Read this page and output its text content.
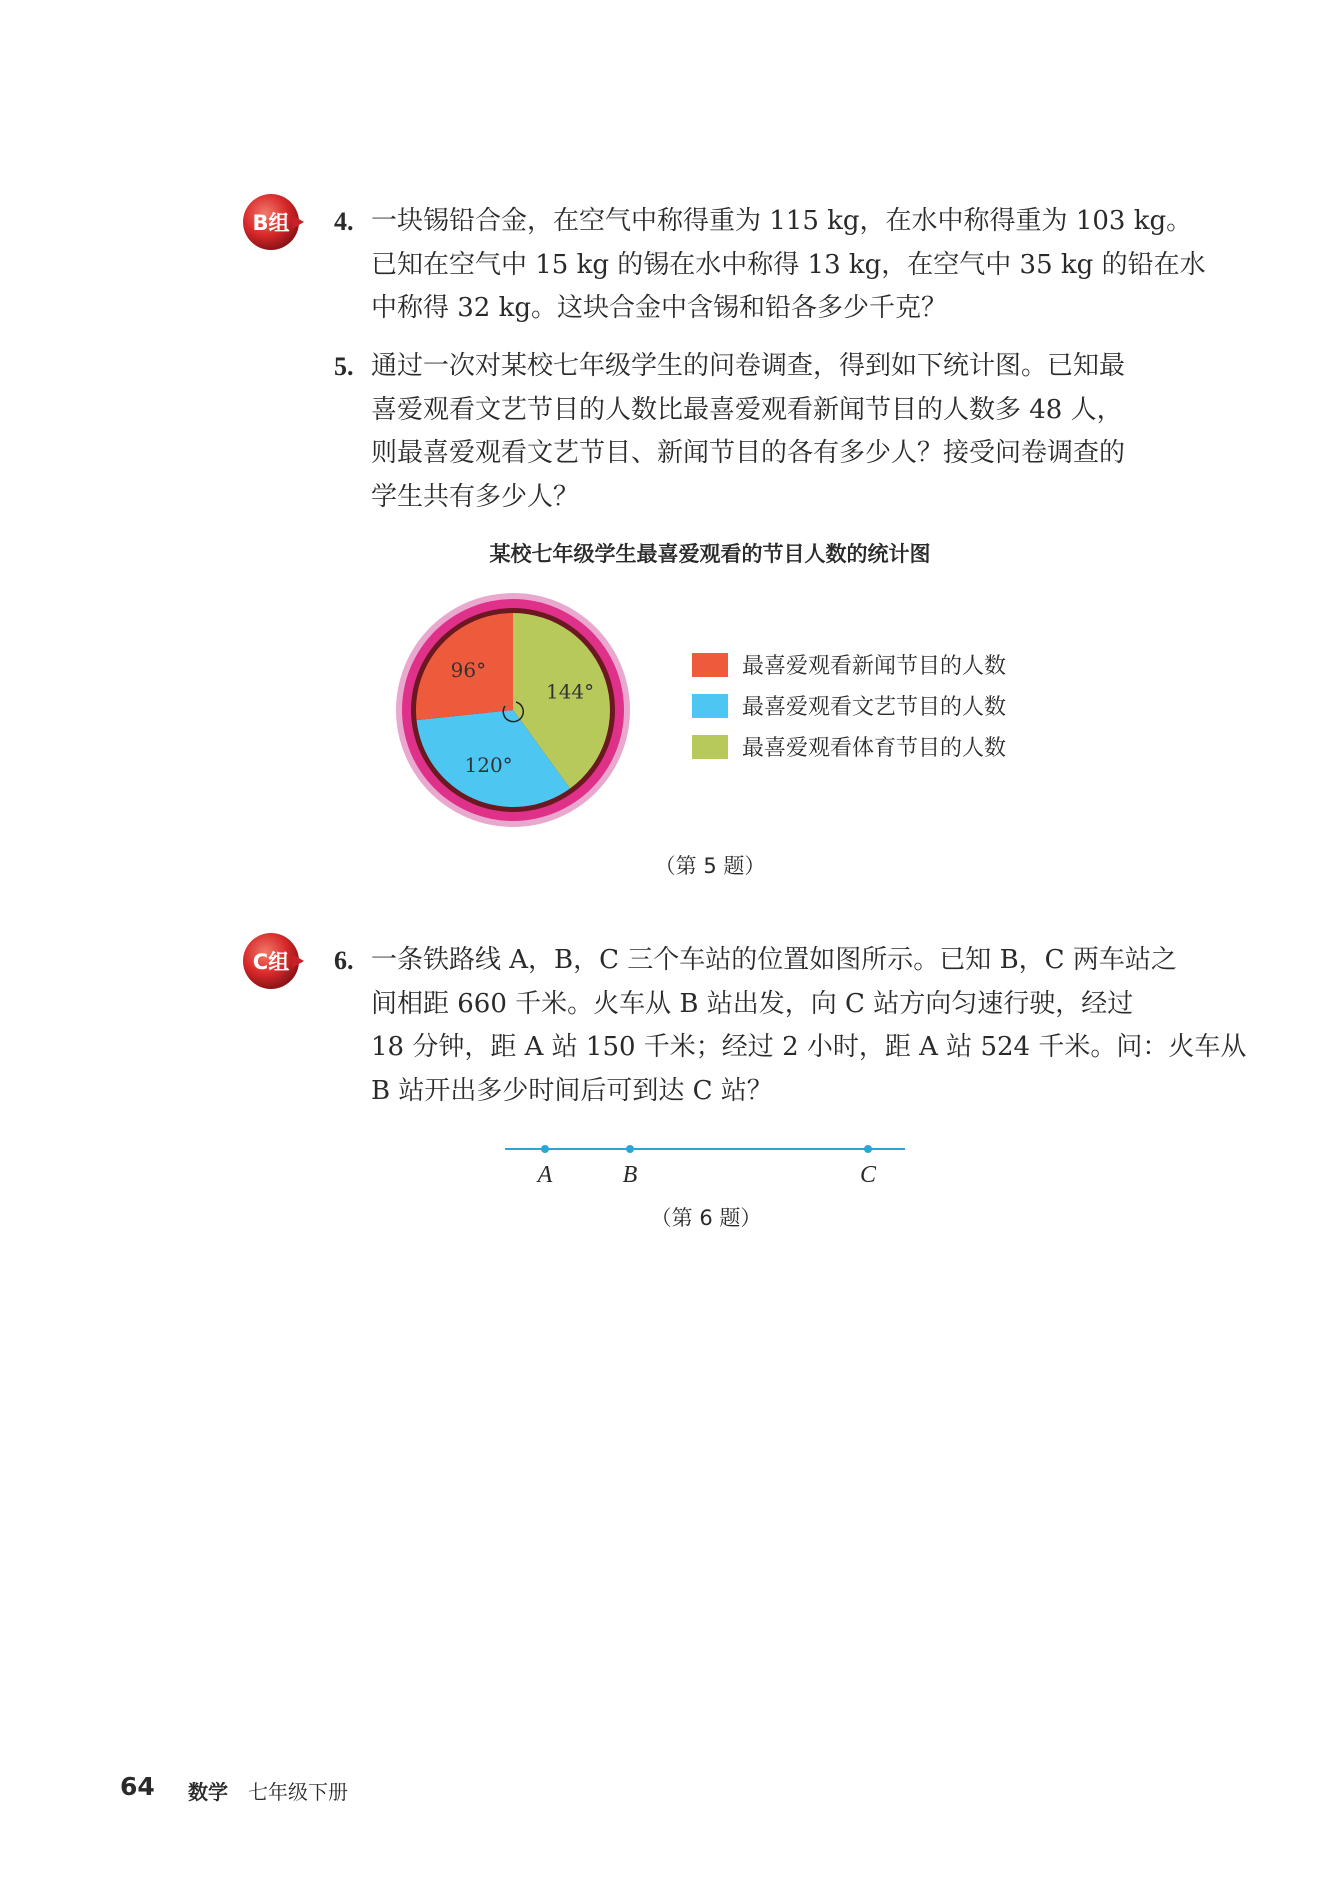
B组 4. 一块锡铅合金，在空气中称得重为 115 kg，在水中称得重为 103 kg。
已知在空气中 15 kg 的锡在水中称得 13 kg，在空气中 35 kg 的铅在水
中称得 32 kg。这块合金中含锡和铅各多少千克？
5. 通过一次对某校七年级学生的问卷调查，得到如下统计图。已知最
喜爱观看文艺节目的人数比最喜爱观看新闻节目的人数多 48 人，
则最喜爱观看文艺节目、新闻节目的各有多少人？接受问卷调查的
学生共有多少人？
某校七年级学生最喜爱观看的节目人数的统计图
144°
120°
96°	最喜爱观看新闻节目的人数
最喜爱观看文艺节目的人数
最喜爱观看体育节目的人数
（第 5 题）
C组 6. 一条铁路线 A，B，C 三个车站的位置如图所示。已知 B，C 两车站之
间相距 660 千米。火车从 B 站出发，向 C 站方向匀速行驶，经过
18 分钟，距 A 站 150 千米；经过 2 小时，距 A 站 524 千米。问：火车从
B 站开出多少时间后可到达 C 站？
A	B	C
（第 6 题）
64 数学 七年级下册
